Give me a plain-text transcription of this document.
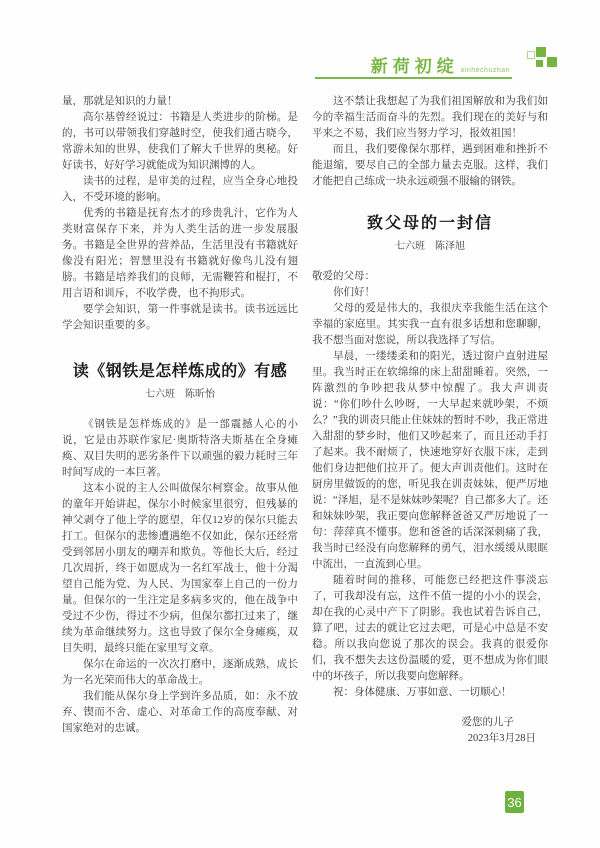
新荷初绽 xinhechuzhan

量，那就是知识的力量！

高尔基曾经说过：书籍是人类进步的阶梯。是的，书可以带领我们穿越时空，使我们通古晓今，常游未知的世界，使我们了解大千世界的奥秘。好好读书，好好学习就能成为知识渊博的人。

读书的过程，是审美的过程，应当全身心地投入，不受环境的影响。

优秀的书籍是抚育杰才的珍贵乳汁，它作为人类财富保存下来，并为人类生活的进一步发展服务。书籍是全世界的营养品，生活里没有书籍就好像没有阳光；智慧里没有书籍就好像鸟儿没有翅膀。书籍是培养我们的良师，无需鞭笞和棍打，不用言语和训斥，不收学费，也不拘形式。

要学会知识，第一件事就是读书。读书远远比学会知识重要的多。

读《钢铁是怎样炼成的》有感
七六班　陈昕怡

《钢铁是怎样炼成的》是一部震撼人心的小说，它是由苏联作家尼·奥斯特洛夫斯基在全身瘫痪、双目失明的恶劣条件下以顽强的毅力耗时三年时间写成的一本巨著。

这本小说的主人公叫做保尔柯察金。故事从他的童年开始讲起，保尔小时候家里很穷，但残暴的神父剥夺了他上学的愿望，年仅12岁的保尔只能去打工。但保尔的悲惨遭遇绝不仅如此，保尔还经常受到邻居小朋友的嘲弄和欺负。等他长大后，经过几次周折，终于如愿成为一名红军战士，他十分渴望自己能为党、为人民、为国家奉上自己的一份力量。但保尔的一生注定是多病多灾的，他在战争中受过不少伤，得过不少病，但保尔都扛过来了，继续为革命继续努力。这也导致了保尔全身瘫痪，双目失明，最终只能在家里写文章。

保尔在命运的一次次打磨中，逐渐成熟，成长为一名光荣而伟大的革命战士。

我们能从保尔身上学到许多品质，如：永不放弃、锲而不舍、虚心、对革命工作的高度奉献、对国家绝对的忠诚。

这不禁让我想起了为我们祖国解放和为我们如今的幸福生活而奋斗的先烈。我们现在的美好与和平来之不易，我们应当努力学习，报效祖国！

而且，我们要像保尔那样，遇到困难和挫折不能退缩，要尽自己的全部力量去克服。这样，我们才能把自己练成一块永远顽强不服输的钢铁。

致父母的一封信
七六班　陈泽旭

敬爱的父母：

你们好！

父母的爱是伟大的，我很庆幸我能生活在这个幸福的家庭里。其实我一直有很多话想和您聊聊，我不想当面对您说，所以我选择了写信。

早晨，一缕缕柔和的阳光，透过窗户直射进屋里。我当时正在软绵绵的床上甜甜睡着。突然，一阵激烈的争吵把我从梦中惊醒了。我大声训责说：“你们吵什么吵呀，一大早起来就吵架，不烦么？”我的训责只能止住妹妹的暂时不吵，我正常进入甜甜的梦乡时，他们又吵起来了，而且还动手打了起来。我不耐烦了，快速地穿好衣服下床，走到他们身边把他们拉开了。便大声训责他们。这时在厨房里做饭的的您，听见我在训责妹妹，便严厉地说：“泽旭，是不是妹妹吵架呢？自己都多大了。还和妹妹吵架，我正要向您解释爸爸又严厉地说了一句：萍萍真不懂事。您和爸爸的话深深刺痛了我，我当时已经没有向您解释的勇气，泪水缓缓从眼眶中流出，一直流到心里。

随着时间的推移，可能您已经把这件事淡忘了，可我却没有忘，这件不值一提的小小的误会，却在我的心灵中产下了阴影。我也试着告诉自己，算了吧，过去的就让它过去吧，可是心中总是不安稳。所以我向您说了那次的误会。我真的很爱你们，我不想失去这份温暖的爱，更不想成为你们眼中的坏孩子，所以我要向您解释。

祝：身体健康、万事如意、一切顺心！

爱您的儿子

2023年3月28日

36
